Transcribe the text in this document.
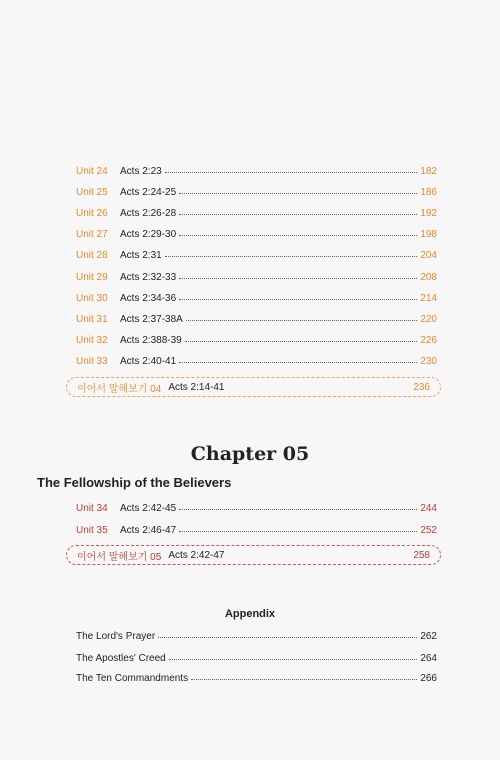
Unit 24	Acts 2:23	182
Unit 25	Acts 2:24-25	186
Unit 26	Acts 2:26-28	192
Unit 27	Acts 2:29-30	198
Unit 28	Acts 2:31	204
Unit 29	Acts 2:32-33	208
Unit 30	Acts 2:34-36	214
Unit 31	Acts 2:37-38A	220
Unit 32	Acts 2:388-39	226
Unit 33	Acts 2:40-41	230
이어서 말해보기 04 Acts 2:14-41	236
Chapter 05
The Fellowship of the Believers
Unit 34	Acts 2:42-45	244
Unit 35	Acts 2:46-47	252
이어서 말해보기 05 Acts 2:42-47	258
Appendix
The Lord's Prayer	262
The Apostles' Creed	264
The Ten Commandments	266
